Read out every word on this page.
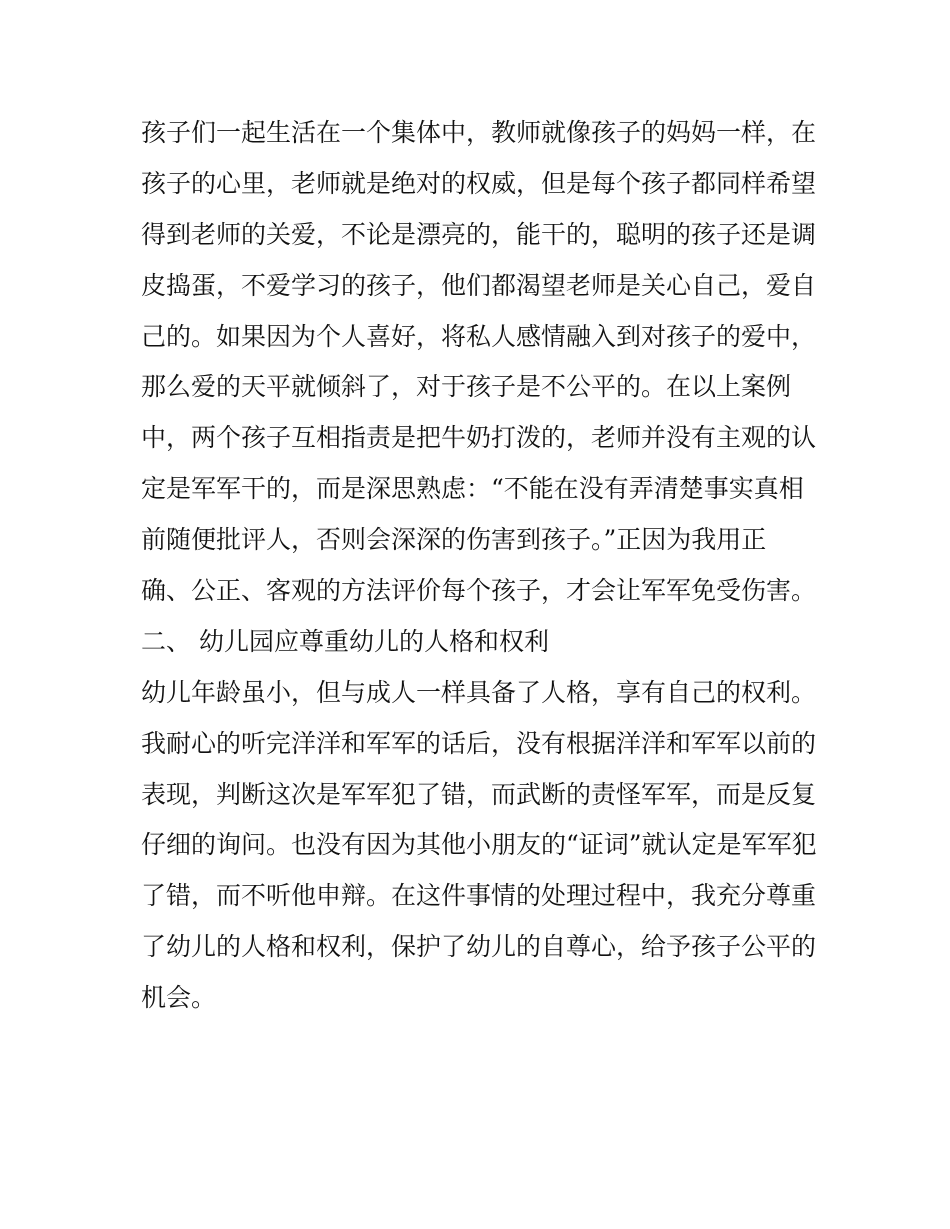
孩子们一起生活在一个集体中，教师就像孩子的妈妈一样，在
孩子的心里，老师就是绝对的权威，但是每个孩子都同样希望
得到老师的关爱，不论是漂亮的，能干的，聪明的孩子还是调
皮捣蛋，不爱学习的孩子，他们都渴望老师是关心自己，爱自
己的。如果因为个人喜好，将私人感情融入到对孩子的爱中，
那么爱的天平就倾斜了，对于孩子是不公平的。在以上案例
中，两个孩子互相指责是把牛奶打泼的，老师并没有主观的认
定是军军干的，而是深思熟虑：“不能在没有弄清楚事实真相
前随便批评人，否则会深深的伤害到孩子。”正因为我用正
确、公正、客观的方法评价每个孩子，才会让军军免受伤害。
二、 幼儿园应尊重幼儿的人格和权利
幼儿年龄虽小，但与成人一样具备了人格，享有自己的权利。
我耐心的听完洋洋和军军的话后，没有根据洋洋和军军以前的
表现，判断这次是军军犯了错，而武断的责怪军军，而是反复
仔细的询问。也没有因为其他小朋友的“证词”就认定是军军犯
了错，而不听他申辩。在这件事情的处理过程中，我充分尊重
了幼儿的人格和权利，保护了幼儿的自尊心，给予孩子公平的
机会。
